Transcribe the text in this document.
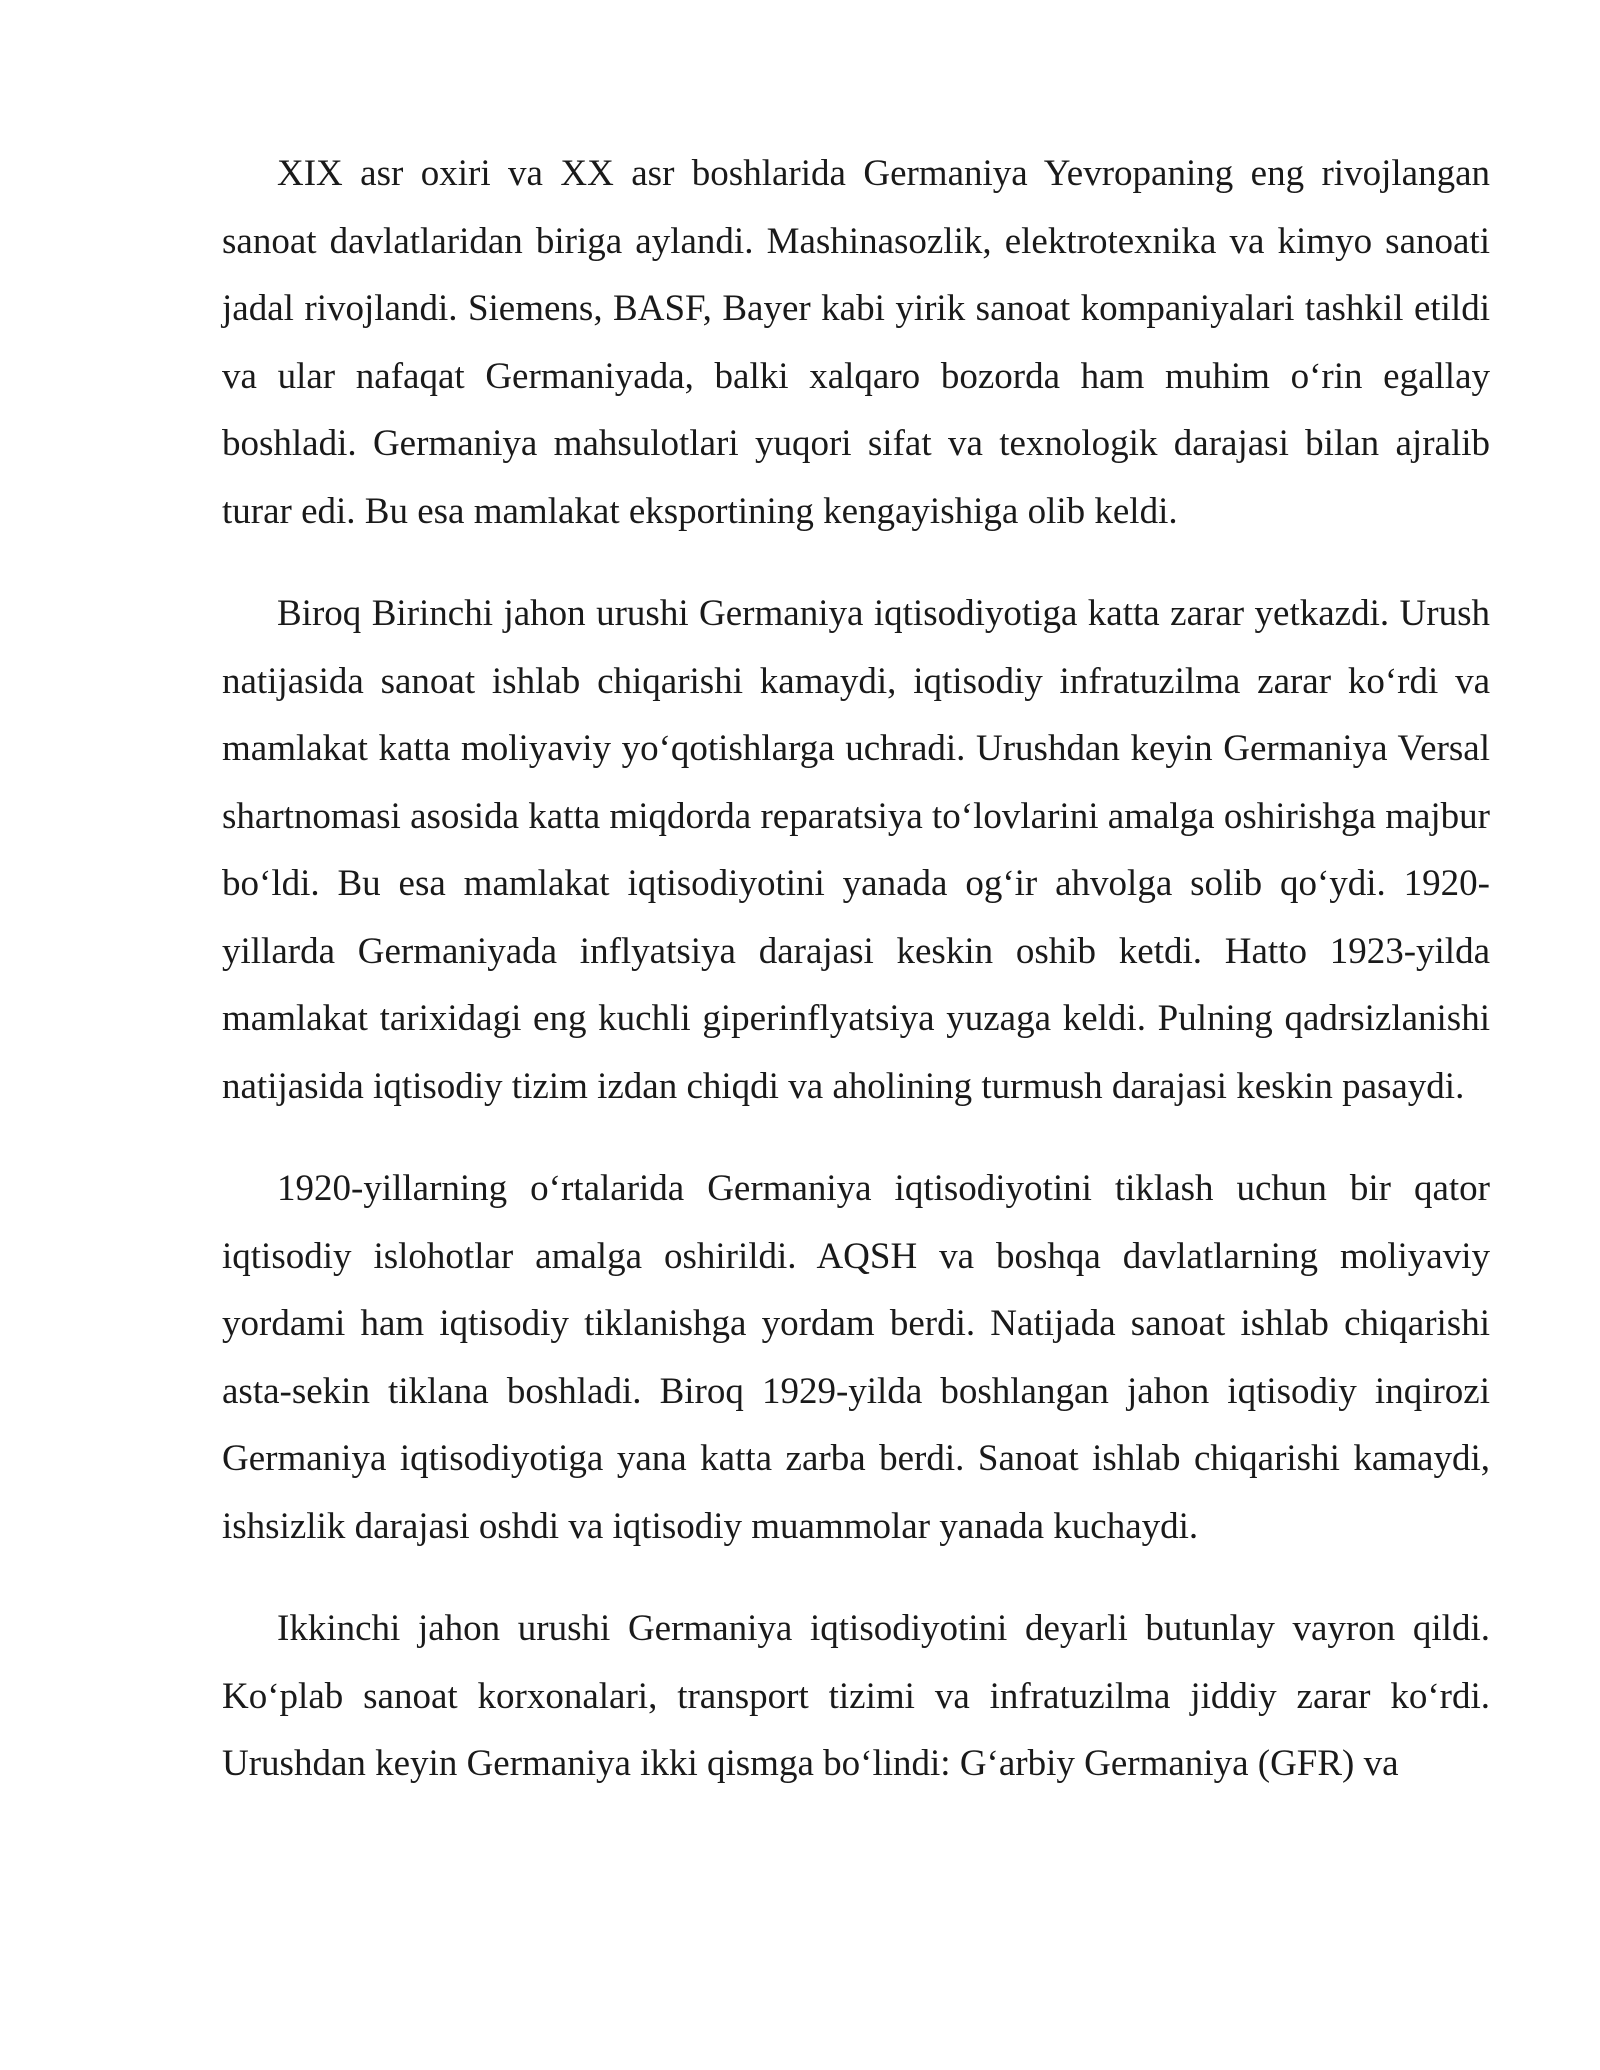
XIX asr oxiri va XX asr boshlarida Germaniya Yevropaning eng rivojlangan sanoat davlatlaridan biriga aylandi. Mashinasozlik, elektrotexnika va kimyo sanoati jadal rivojlandi. Siemens, BASF, Bayer kabi yirik sanoat kompaniyalari tashkil etildi va ular nafaqat Germaniyada, balki xalqaro bozorda ham muhim o‘rin egallay boshladi. Germaniya mahsulotlari yuqori sifat va texnologik darajasi bilan ajralib turar edi. Bu esa mamlakat eksportining kengayishiga olib keldi.

Biroq Birinchi jahon urushi Germaniya iqtisodiyotiga katta zarar yetkazdi. Urush natijasida sanoat ishlab chiqarishi kamaydi, iqtisodiy infratuzilma zarar ko‘rdi va mamlakat katta moliyaviy yo‘qotishlarga uchradi. Urushdan keyin Germaniya Versal shartnomasi asosida katta miqdorda reparatsiya to‘lovlarini amalga oshirishga majbur bo‘ldi. Bu esa mamlakat iqtisodiyotini yanada og‘ir ahvolga solib qo‘ydi. 1920-yillarda Germaniyada inflyatsiya darajasi keskin oshib ketdi. Hatto 1923-yilda mamlakat tarixidagi eng kuchli giperinflyatsiya yuzaga keldi. Pulning qadrsizlanishi natijasida iqtisodiy tizim izdan chiqdi va aholining turmush darajasi keskin pasaydi.

1920-yillarning o‘rtalarida Germaniya iqtisodiyotini tiklash uchun bir qator iqtisodiy islohotlar amalga oshirildi. AQSH va boshqa davlatlarning moliyaviy yordami ham iqtisodiy tiklanishga yordam berdi. Natijada sanoat ishlab chiqarishi asta-sekin tiklana boshladi. Biroq 1929-yilda boshlangan jahon iqtisodiy inqirozi Germaniya iqtisodiyotiga yana katta zarba berdi. Sanoat ishlab chiqarishi kamaydi, ishsizlik darajasi oshdi va iqtisodiy muammolar yanada kuchaydi.

Ikkinchi jahon urushi Germaniya iqtisodiyotini deyarli butunlay vayron qildi. Ko‘plab sanoat korxonalari, transport tizimi va infratuzilma jiddiy zarar ko‘rdi. Urushdan keyin Germaniya ikki qismga bo‘lindi: G‘arbiy Germaniya (GFR) va
